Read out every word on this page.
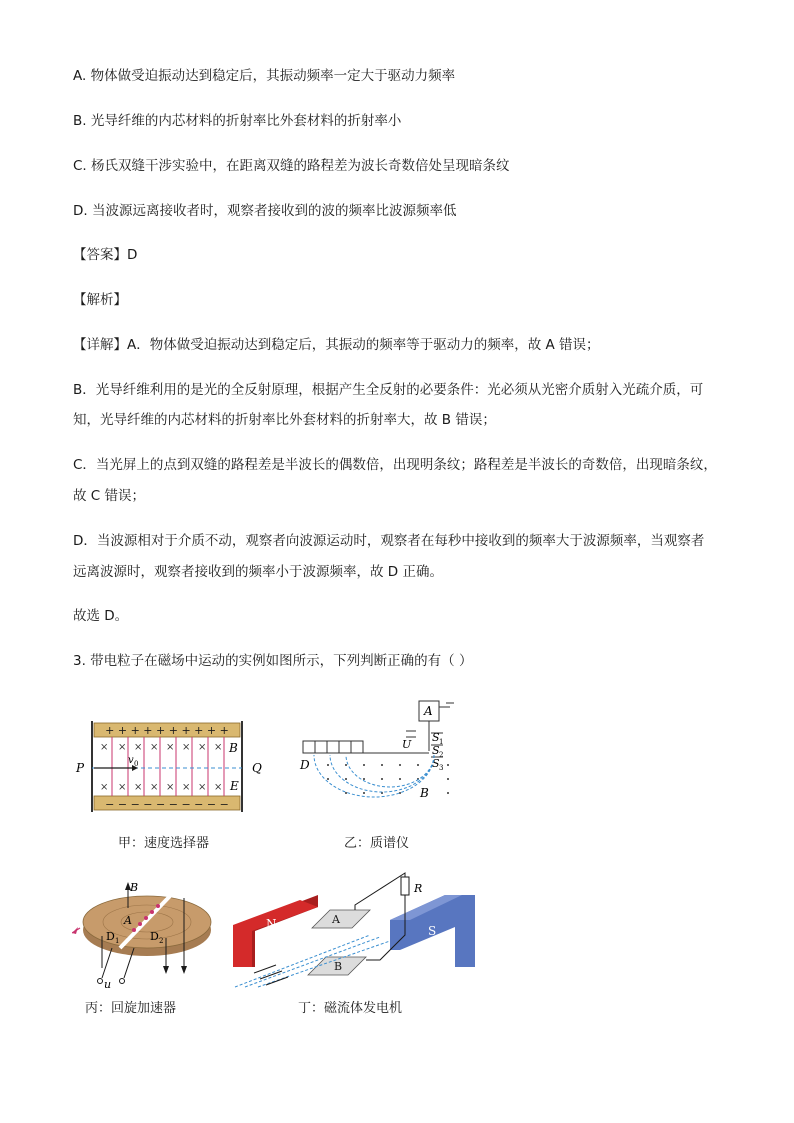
A. 物体做受迫振动达到稳定后，其振动频率一定大于驱动力频率
B. 光导纤维的内芯材料的折射率比外套材料的折射率小
C. 杨氏双缝干涉实验中，在距离双缝的路程差为波长奇数倍处呈现暗条纹
D. 当波源远离接收者时，观察者接收到的波的频率比波源频率低
【答案】D
【解析】
【详解】A．物体做受迫振动达到稳定后，其振动的频率等于驱动力的频率，故 A 错误；
B．光导纤维利用的是光的全反射原理，根据产生全反射的必要条件：光必须从光密介质射入光疏介质，可
知，光导纤维的内芯材料的折射率比外套材料的折射率大，故 B 错误；
C．当光屏上的点到双缝的路程差是半波长的偶数倍，出现明条纹；路程差是半波长的奇数倍，出现暗条纹，
故 C 错误；
D．当波源相对于介质不动，观察者向波源运动时，观察者在每秒中接收到的频率大于波源频率，当观察者
远离波源时，观察者接收到的频率小于波源频率，故 D 正确。
故选 D。
3. 带电粒子在磁场中运动的实例如图所示，下列判断正确的有（ ）
+ + + + + + + + + +
− − − − − − − − − −
× × × × × × × ×
× × × × × × × ×
P	Q
B
E
v 0
甲：速度选择器
A
U
S 1
S 2
S 3
D
B
乙：质谱仪
B
A
D 1	D 2
u
丙：回旋加速器
N	S
A
B
R
丁：磁流体发电机
